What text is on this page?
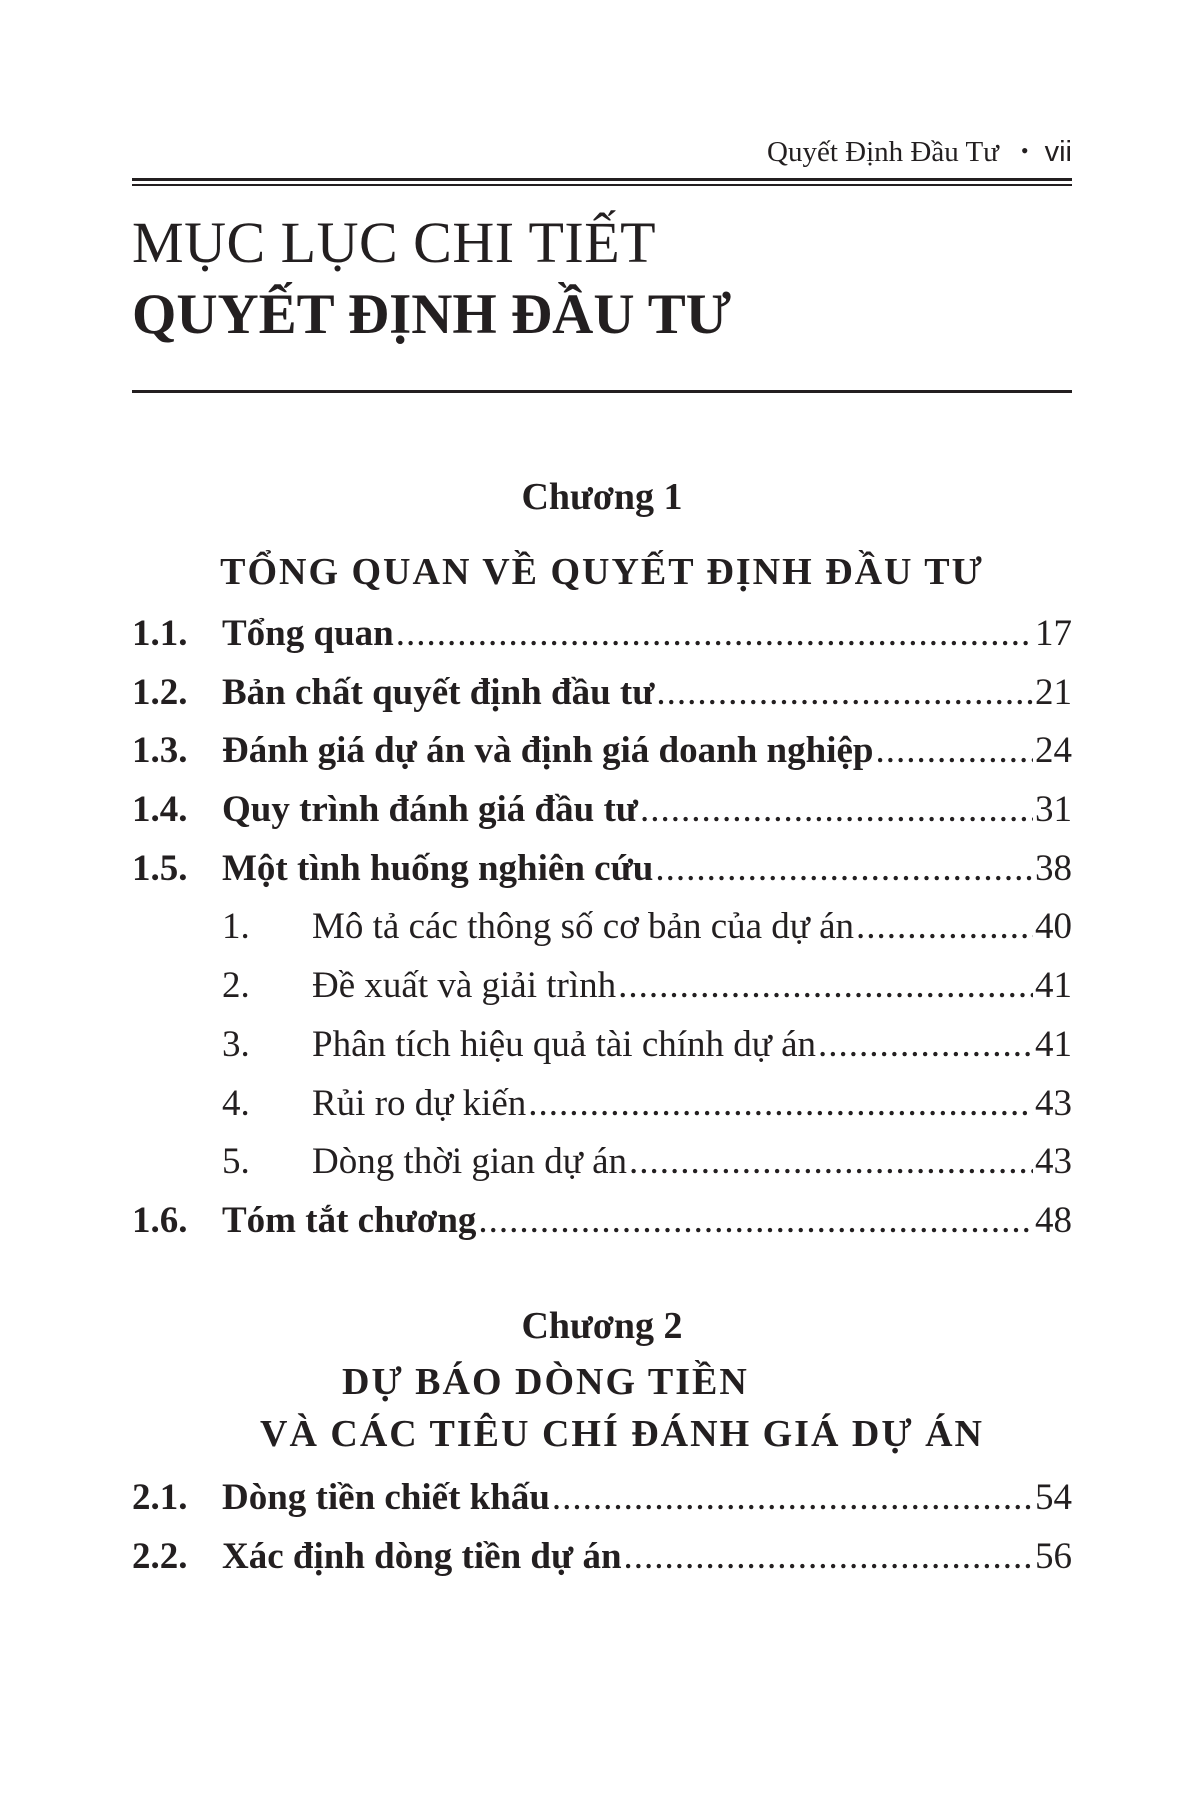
Quyết Định Đầu Tư • vii
MỤC LỤC CHI TIẾT
QUYẾT ĐỊNH ĐẦU TƯ
Chương 1
TỔNG QUAN VỀ QUYẾT ĐỊNH ĐẦU TƯ
1.1. Tổng quan .....	17
1.2. Bản chất quyết định đầu tư .....	21
1.3. Đánh giá dự án và định giá doanh nghiệp .....	24
1.4. Quy trình đánh giá đầu tư .....	31
1.5. Một tình huống nghiên cứu .....	38
1.	Mô tả các thông số cơ bản của dự án .....	40
2.	Đề xuất và giải trình .....	41
3.	Phân tích hiệu quả tài chính dự án .....	41
4.	Rủi ro dự kiến .....	43
5.	Dòng thời gian dự án .....	43
1.6. Tóm tắt chương .....	48
Chương 2
DỰ BÁO DÒNG TIỀN
VÀ CÁC TIÊU CHÍ ĐÁNH GIÁ DỰ ÁN
2.1. Dòng tiền chiết khấu .....	54
2.2. Xác định dòng tiền dự án .....	56
